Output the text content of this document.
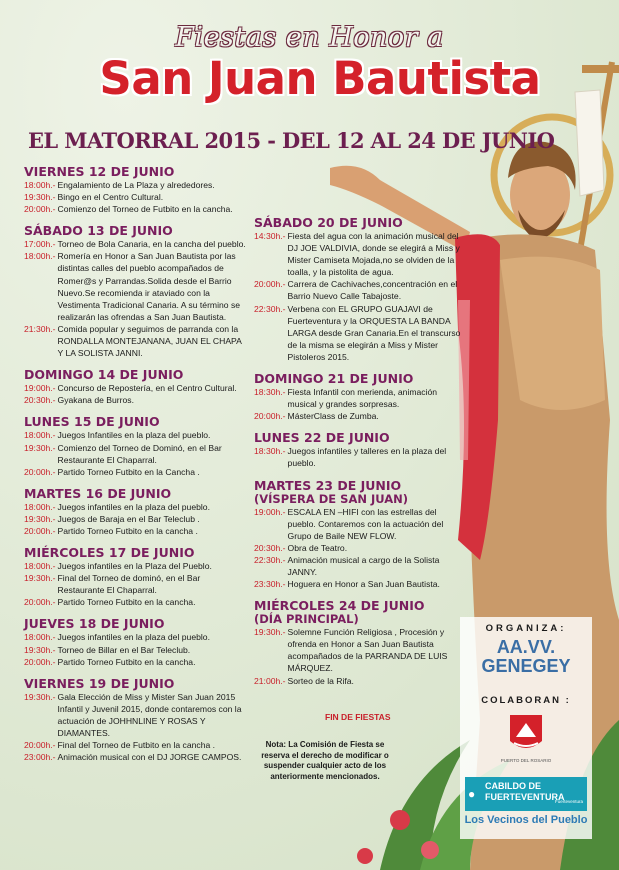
Fiestas en Honor a
San Juan Bautista
EL MATORRAL 2015 - DEL 12 AL 24 DE JUNIO
VIERNES 12 DE JUNIO
18:00h.- Engalamiento de La Plaza y alrededores.
19:30h.- Bingo en el Centro Cultural.
20:00h.- Comienzo del Torneo de Futbito en la cancha.
SÁBADO 13 DE JUNIO
17:00h.- Torneo de Bola Canaria, en la cancha del pueblo.
18:00h.- Romería en Honor a San Juan Bautista por las distintas calles del pueblo acompañados de Romer@s y Parrandas.Solida desde el Barrio Nuevo.Se recomienda ir ataviado con la Vestimenta Tradicional Canaria. A su término se realizarán las ofrendas a San Juan Bautista.
21:30h.- Comida popular y seguimos de parranda con la RONDALLA MONTEJANANA, JUAN EL CHAPA Y LA SOLISTA JANNI.
DOMINGO 14 DE JUNIO
19:00h.- Concurso de Repostería, en el Centro Cultural.
20:30h.- Gyakana de Burros.
LUNES 15 DE JUNIO
18:00h.- Juegos Infantiles en la plaza del pueblo.
19:30h.- Comienzo del Torneo de Dominó, en el Bar Restaurante El Chaparral.
20:00h.- Partido Torneo Futbito en la Cancha .
MARTES 16 DE JUNIO
18:00h.- Juegos infantiles en la plaza del pueblo.
19:30h.- Juegos de Baraja en el Bar Teleclub .
20:00h.- Partido Torneo Futbito en la cancha .
MIÉRCOLES 17 DE JUNIO
18:00h.- Juegos infantiles en la Plaza del Pueblo.
19:30h.- Final del Torneo de dominó, en el Bar Restaurante El Chaparral.
20:00h.- Partido Torneo Futbito en la cancha.
JUEVES 18 DE JUNIO
18:00h.- Juegos infantiles en la plaza del pueblo.
19:30h.- Torneo de Billar en el Bar Teleclub.
20:00h.- Partido Torneo Futbito en la cancha.
VIERNES 19 DE JUNIO
19:30h.- Gala Elección de Miss y Mister San Juan 2015 Infantil y Juvenil 2015, donde contaremos con la actuación de JOHHNLINE Y ROSAS Y DIAMANTES.
20:00h.- Final del Torneo de Futbito en la cancha .
23:00h.- Animación musical con el DJ JORGE CAMPOS.
SÁBADO 20 DE JUNIO
14:30h.- Fiesta del agua con la animación musical del DJ JOE VALDIVIA, donde se elegirá a Miss y Mister Camiseta Mojada,no se olviden de la toalla, y la pistolita de agua.
20:00h.- Carrera de Cachivaches,concentración en el Barrio Nuevo Calle Tabajoste.
22:30h.- Verbena con EL GRUPO GUAJAVI de Fuerteventura y la ORQUESTA LA BANDA LARGA desde Gran Canaria.En el transcurso de la misma se elegirán a Miss y Mister Pistoleros 2015.
DOMINGO 21 DE JUNIO
18:30h.- Fiesta Infantil con merienda, animación musical y grandes sorpresas.
20:00h.- MásterClass de Zumba.
LUNES 22 DE JUNIO
18:30h.- Juegos infantiles y talleres en la plaza del pueblo.
MARTES 23 DE JUNIO
(VÍSPERA DE SAN JUAN)
19:00h.- ESCALA EN –HIFI con las estrellas del pueblo. Contaremos con la actuación del Grupo de Baile NEW FLOW.
20:30h.- Obra de Teatro.
22:30h.- Animación musical a cargo de la Solista JANNY.
23:30h.- Hoguera en Honor a San Juan Bautista.
MIÉRCOLES 24 DE JUNIO
(DÍA PRINCIPAL)
19:30h.- Solemne Función Religiosa , Procesión y ofrenda en Honor a San Juan Bautista acompañados de la PARRANDA DE LUIS MÁRQUEZ.
21:00h.- Sorteo de la Rifa.
FIN DE FIESTAS
Nota: La Comisión de Fiesta se reserva el derecho de modificar o suspender cualquier acto de los anteriormente mencionados.
ORGANIZA:
AA.VV. GENEGEY
COLABORAN :
PUERTO DEL ROSARIO
●
CABILDO DE FUERTEVENTURA
Fuerteventura
Los Vecinos del Pueblo
